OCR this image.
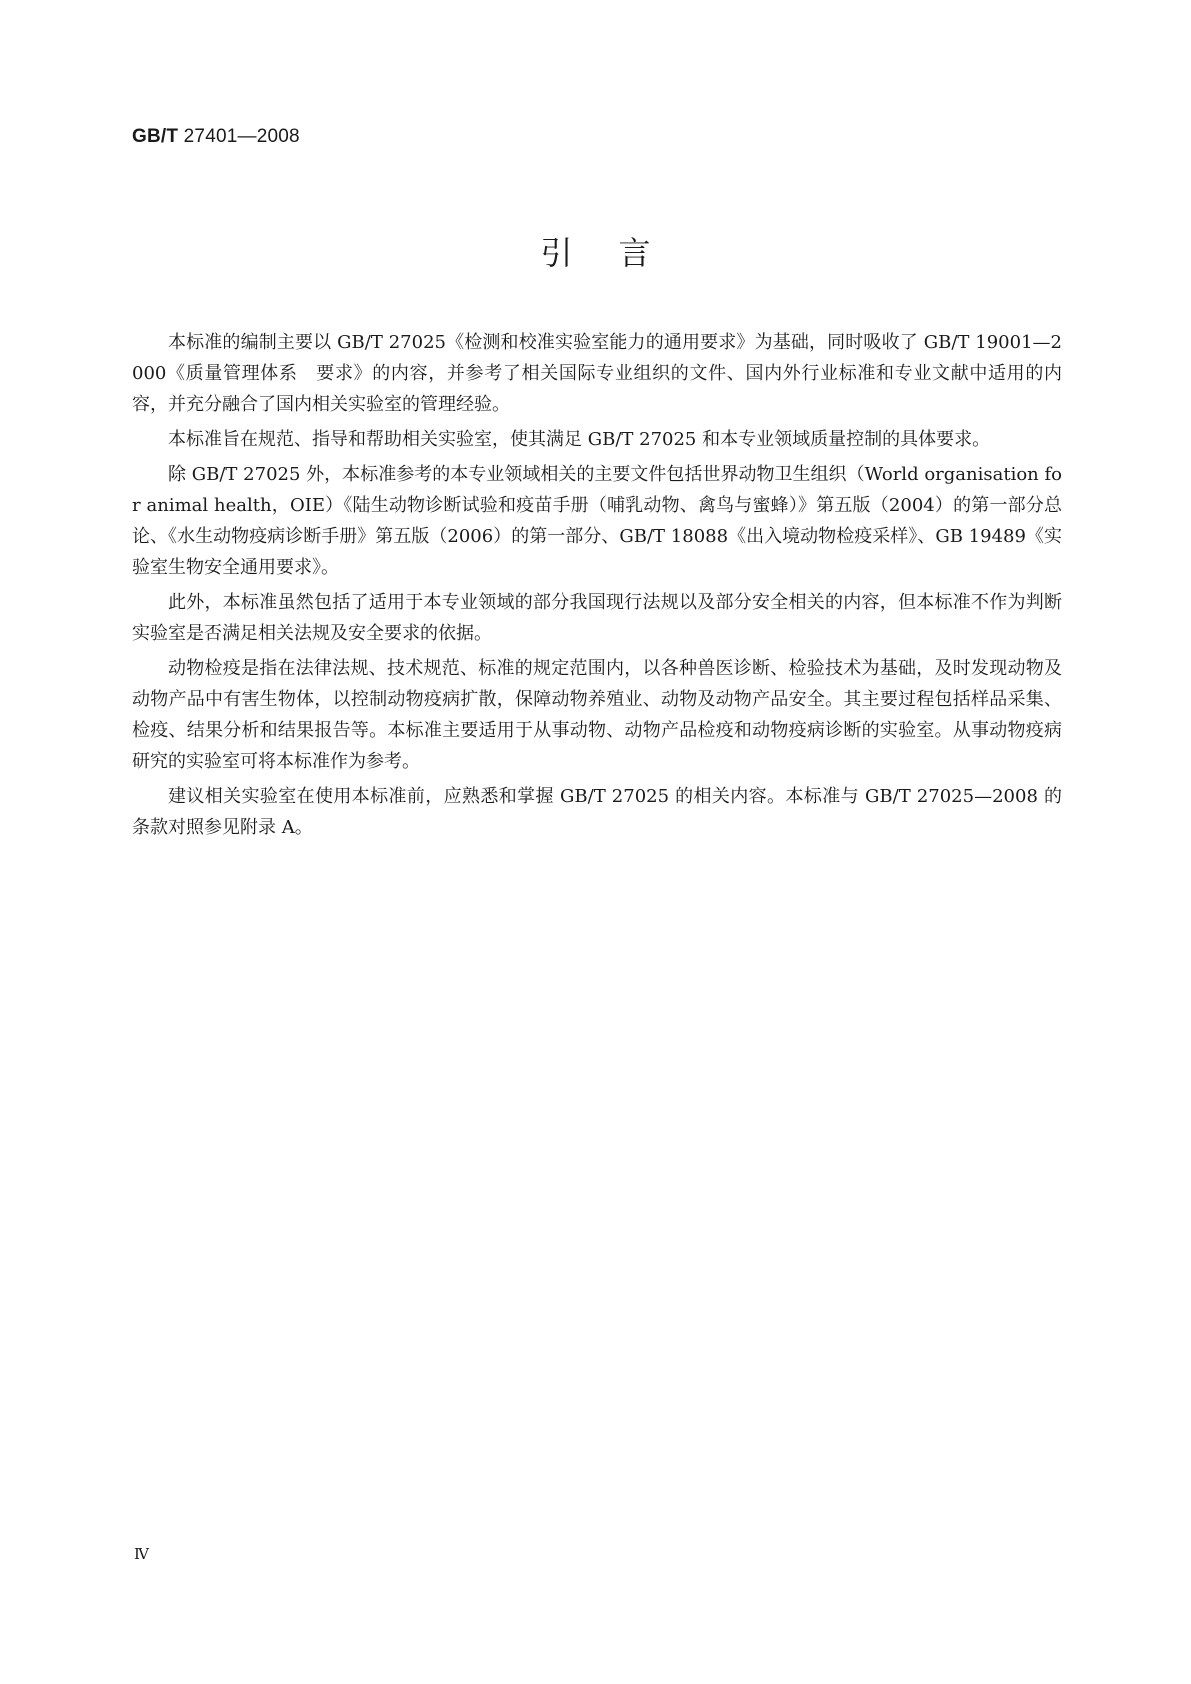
GB/T 27401—2008
引言

本标准的编制主要以 GB/T 27025《检测和校准实验室能力的通用要求》为基础，同时吸收了 GB/T 19001—2000《质量管理体系　要求》的内容，并参考了相关国际专业组织的文件、国内外行业标准和专业文献中适用的内容，并充分融合了国内相关实验室的管理经验。

本标准旨在规范、指导和帮助相关实验室，使其满足 GB/T 27025 和本专业领域质量控制的具体要求。

除 GB/T 27025 外，本标准参考的本专业领域相关的主要文件包括世界动物卫生组织（World organisation for animal health，OIE）《陆生动物诊断试验和疫苗手册（哺乳动物、禽鸟与蜜蜂）》第五版（2004）的第一部分总论、《水生动物疫病诊断手册》第五版（2006）的第一部分、GB/T 18088《出入境动物检疫采样》、GB 19489《实验室生物安全通用要求》。

此外，本标准虽然包括了适用于本专业领域的部分我国现行法规以及部分安全相关的内容，但本标准不作为判断实验室是否满足相关法规及安全要求的依据。

动物检疫是指在法律法规、技术规范、标准的规定范围内，以各种兽医诊断、检验技术为基础，及时发现动物及动物产品中有害生物体，以控制动物疫病扩散，保障动物养殖业、动物及动物产品安全。其主要过程包括样品采集、检疫、结果分析和结果报告等。本标准主要适用于从事动物、动物产品检疫和动物疫病诊断的实验室。从事动物疫病研究的实验室可将本标准作为参考。

建议相关实验室在使用本标准前，应熟悉和掌握 GB/T 27025 的相关内容。本标准与 GB/T 27025—2008 的条款对照参见附录 A。

Ⅳ
